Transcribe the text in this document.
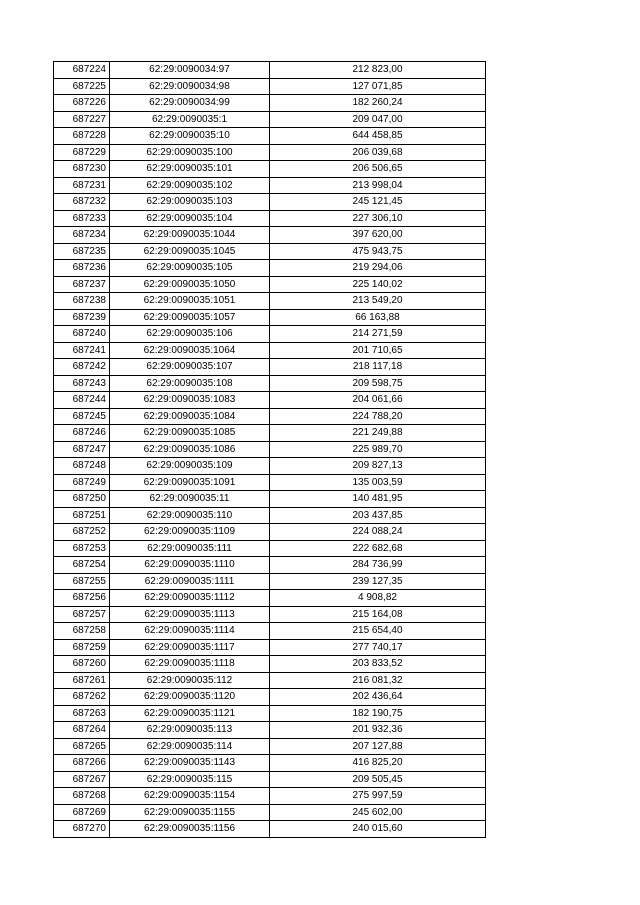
687224	62:29:0090034:97	212 823,00
687225	62:29:0090034:98	127 071,85
687226	62:29:0090034:99	182 260,24
687227	62:29:0090035:1	209 047,00
687228	62:29:0090035:10	644 458,85
687229	62:29:0090035:100	206 039,68
687230	62:29:0090035:101	206 506,65
687231	62:29:0090035:102	213 998,04
687232	62:29:0090035:103	245 121,45
687233	62:29:0090035:104	227 306,10
687234	62:29:0090035:1044	397 620,00
687235	62:29:0090035:1045	475 943,75
687236	62:29:0090035:105	219 294,06
687237	62:29:0090035:1050	225 140,02
687238	62:29:0090035:1051	213 549,20
687239	62:29:0090035:1057	66 163,88
687240	62:29:0090035:106	214 271,59
687241	62:29:0090035:1064	201 710,65
687242	62:29:0090035:107	218 117,18
687243	62:29:0090035:108	209 598,75
687244	62:29:0090035:1083	204 061,66
687245	62:29:0090035:1084	224 788,20
687246	62:29:0090035:1085	221 249,88
687247	62:29:0090035:1086	225 989,70
687248	62:29:0090035:109	209 827,13
687249	62:29:0090035:1091	135 003,59
687250	62:29:0090035:11	140 481,95
687251	62:29:0090035:110	203 437,85
687252	62:29:0090035:1109	224 088,24
687253	62:29:0090035:111	222 682,68
687254	62:29:0090035:1110	284 736,99
687255	62:29:0090035:1111	239 127,35
687256	62:29:0090035:1112	4 908,82
687257	62:29:0090035:1113	215 164,08
687258	62:29:0090035:1114	215 654,40
687259	62:29:0090035:1117	277 740,17
687260	62:29:0090035:1118	203 833,52
687261	62:29:0090035:112	216 081,32
687262	62:29:0090035:1120	202 436,64
687263	62:29:0090035:1121	182 190,75
687264	62:29:0090035:113	201 932,36
687265	62:29:0090035:114	207 127,88
687266	62:29:0090035:1143	416 825,20
687267	62:29:0090035:115	209 505,45
687268	62:29:0090035:1154	275 997,59
687269	62:29:0090035:1155	245 602,00
687270	62:29:0090035:1156	240 015,60
